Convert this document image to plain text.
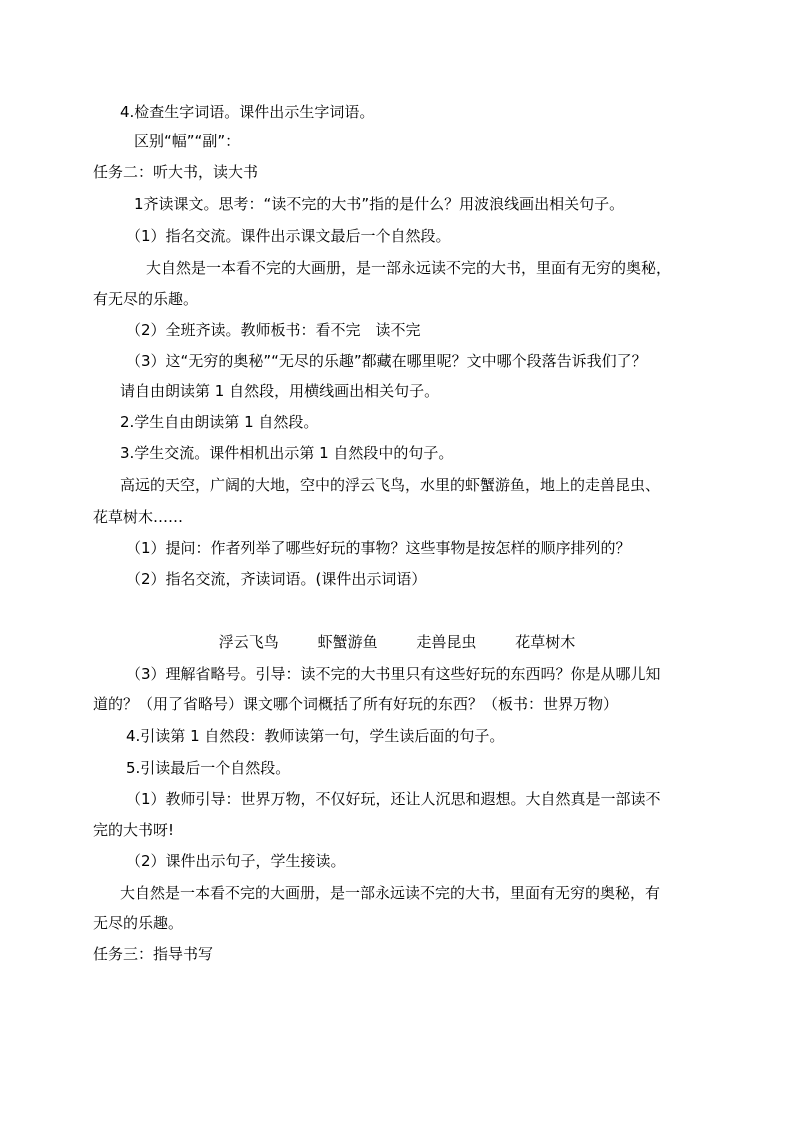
4.检查生字词语。课件出示生字词语。
区别“幅”“副”：
任务二：听大书，读大书
1齐读课文。思考：“读不完的大书”指的是什么？用波浪线画出相关句子。
（1）指名交流。课件出示课文最后一个自然段。
大自然是一本看不完的大画册，是一部永远读不完的大书，里面有无穷的奥秘，
有无尽的乐趣。
（2）全班齐读。教师板书：看不完　读不完
（3）这“无穷的奥秘”“无尽的乐趣”都藏在哪里呢？文中哪个段落告诉我们了？
请自由朗读第 1 自然段，用横线画出相关句子。
2.学生自由朗读第 1 自然段。
3.学生交流。课件相机出示第 1 自然段中的句子。
高远的天空，广阔的大地，空中的浮云飞鸟，水里的虾蟹游鱼，地上的走兽昆虫、
花草树木……
（1）提问：作者列举了哪些好玩的事物？这些事物是按怎样的顺序排列的？
（2）指名交流，齐读词语。(课件出示词语）
浮云飞鸟	虾蟹游鱼	走兽昆虫	花草树木
（3）理解省略号。引导：读不完的大书里只有这些好玩的东西吗？你是从哪儿知
道的？（用了省略号）课文哪个词概括了所有好玩的东西？（板书：世界万物）
4.引读第 1 自然段：教师读第一句，学生读后面的句子。
5.引读最后一个自然段。
（1）教师引导：世界万物，不仅好玩，还让人沉思和遐想。大自然真是一部读不
完的大书呀!
（2）课件出示句子，学生接读。
大自然是一本看不完的大画册，是一部永远读不完的大书，里面有无穷的奥秘，有
无尽的乐趣。
任务三：指导书写
